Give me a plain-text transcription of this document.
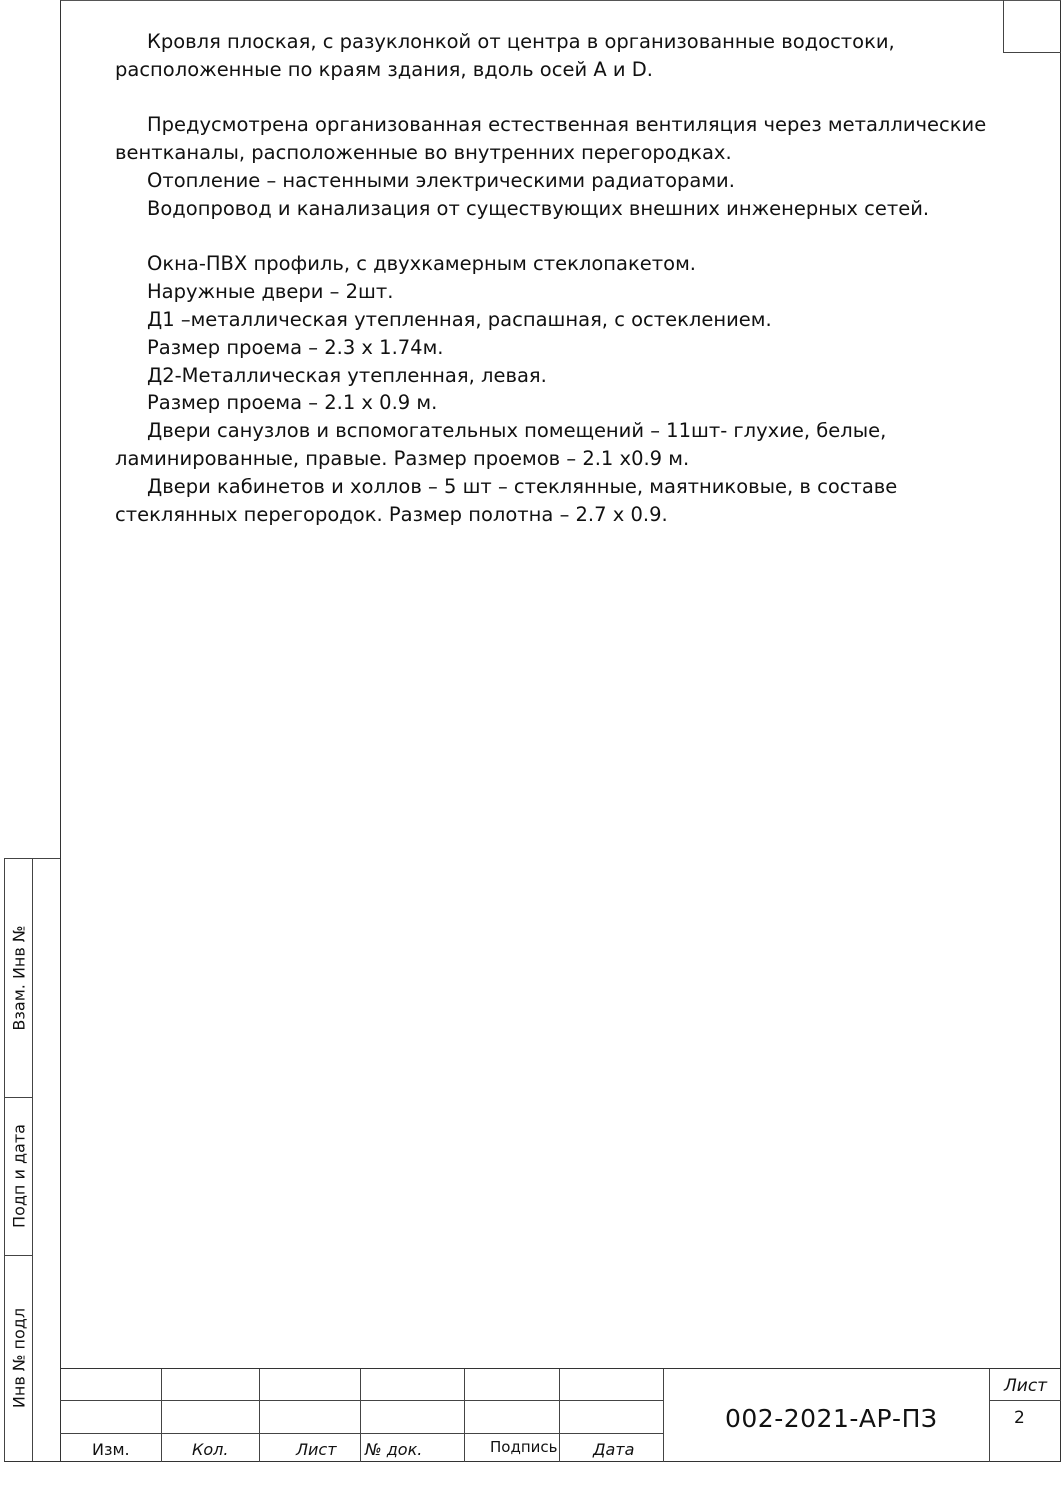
Кровля плоская, с разуклонкой от центра в организованные водостоки,
расположенные по краям здания, вдоль осей А и D.

Предусмотрена организованная естественная вентиляция через металлические
вентканалы, расположенные во внутренних перегородках.

Отопление – настенными электрическими радиаторами.

Водопровод и канализация от существующих внешних инженерных сетей.

Окна-ПВХ профиль, с двухкамерным стеклопакетом.

Наружные двери – 2шт.

Д1 –металлическая утепленная, распашная, с остеклением.

Размер проема – 2.3 х 1.74м.

Д2-Металлическая утепленная, левая.

Размер проема – 2.1 х 0.9 м.

Двери санузлов и вспомогательных помещений – 11шт- глухие, белые,
ламинированные, правые. Размер проемов – 2.1 х0.9 м.

Двери кабинетов и холлов – 5 шт – стеклянные, маятниковые, в составе
стеклянных перегородок. Размер полотна – 2.7 х 0.9.

Взам. Инв №
Подп и дата
Инв № подл
Изм.	Кол.	Лист № док.	Подпись Дата
002-2021-АР-ПЗ
Лист
2
